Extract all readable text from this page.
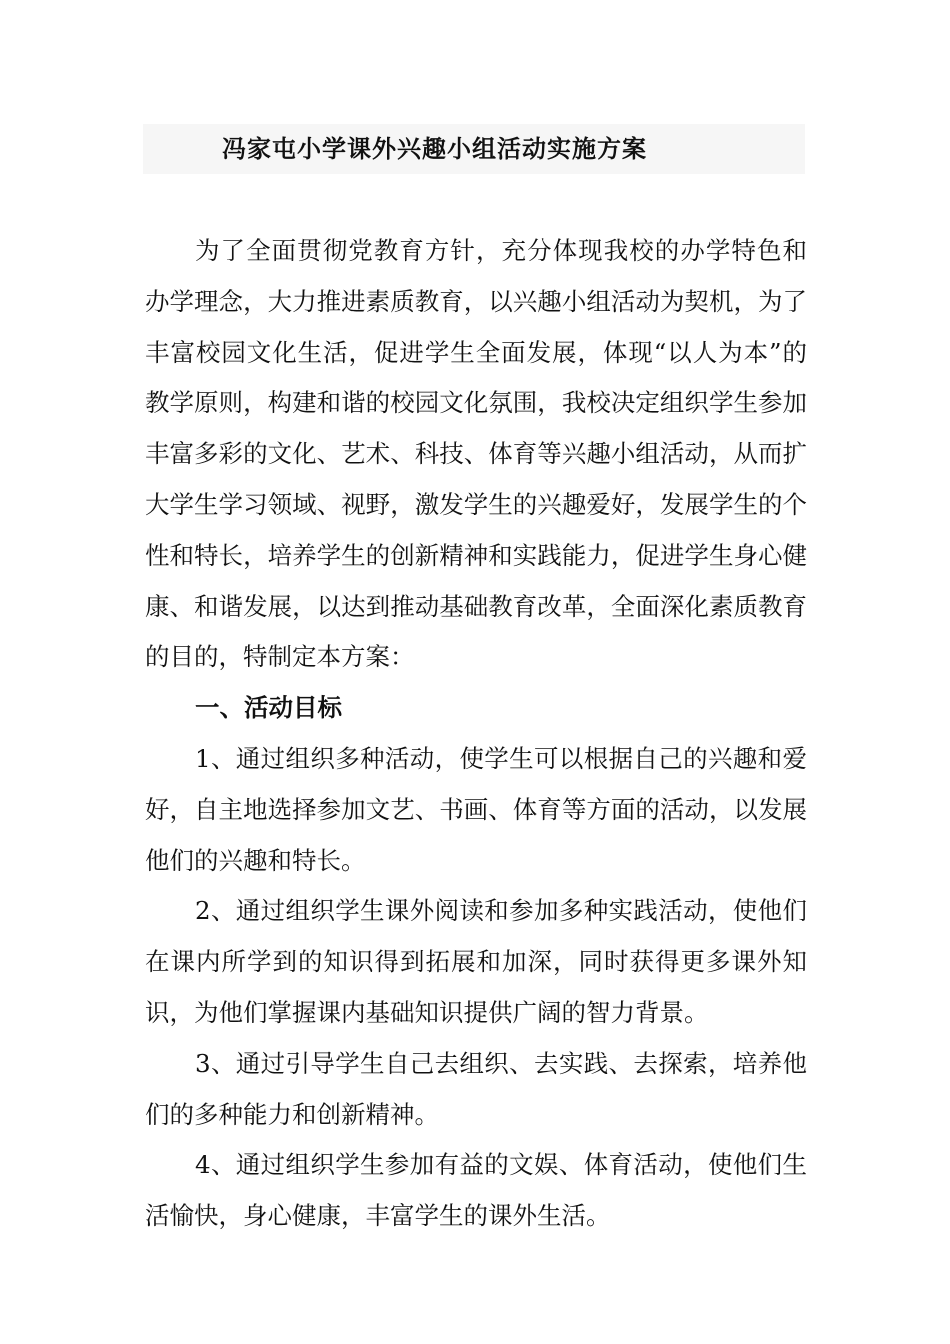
冯家屯小学课外兴趣小组活动实施方案

为了全面贯彻党教育方针，充分体现我校的办学特色和办学理念，大力推进素质教育，以兴趣小组活动为契机，为了丰富校园文化生活，促进学生全面发展，体现“以人为本”的教学原则，构建和谐的校园文化氛围，我校决定组织学生参加丰富多彩的文化、艺术、科技、体育等兴趣小组活动，从而扩大学生学习领域、视野，激发学生的兴趣爱好，发展学生的个性和特长，培养学生的创新精神和实践能力，促进学生身心健康、和谐发展，以达到推动基础教育改革，全面深化素质教育的目的，特制定本方案：

一、活动目标

1、通过组织多种活动，使学生可以根据自己的兴趣和爱好，自主地选择参加文艺、书画、体育等方面的活动，以发展他们的兴趣和特长。

2、通过组织学生课外阅读和参加多种实践活动，使他们在课内所学到的知识得到拓展和加深，同时获得更多课外知识，为他们掌握课内基础知识提供广阔的智力背景。

3、通过引导学生自己去组织、去实践、去探索，培养他们的多种能力和创新精神。

4、通过组织学生参加有益的文娱、体育活动，使他们生活愉快，身心健康，丰富学生的课外生活。
